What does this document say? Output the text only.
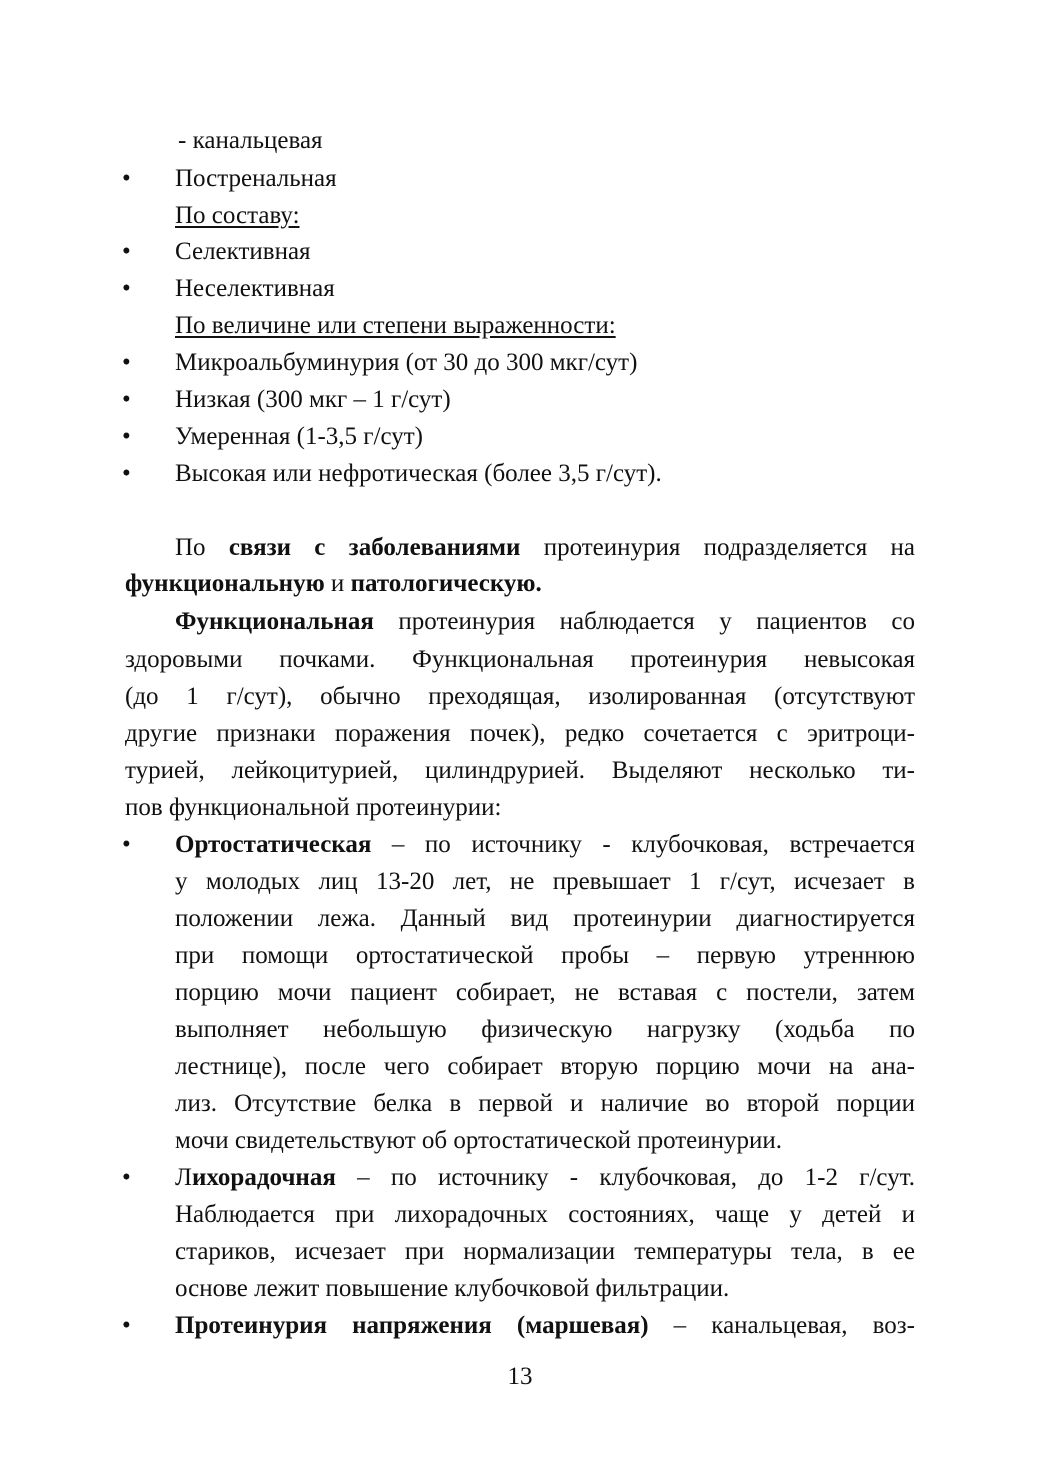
- канальцевая
• Постренальная
По составу:
• Селективная
• Неселективная
По величине или степени выраженности:
• Микроальбуминурия (от 30 до 300 мкг/сут)
• Низкая (300 мкг – 1 г/сут)
• Умеренная (1-3,5 г/сут)
• Высокая или нефротическая (более 3,5 г/сут).
По связи с заболеваниями протеинурия подразделяется на
функциональную и патологическую.
Функциональная протеинурия наблюдается у пациентов со
здоровыми почками. Функциональная протеинурия невысокая
(до 1 г/сут), обычно преходящая, изолированная (отсутствуют
другие признаки поражения почек), редко сочетается с эритроци-
турией, лейкоцитурией, цилиндрурией. Выделяют несколько ти-
пов функциональной протеинурии:
• Ортостатическая – по источнику - клубочковая, встречается
у молодых лиц 13-20 лет, не превышает 1 г/сут, исчезает в
положении лежа. Данный вид протеинурии диагностируется
при помощи ортостатической пробы – первую утреннюю
порцию мочи пациент собирает, не вставая с постели, затем
выполняет небольшую физическую нагрузку (ходьба по
лестнице), после чего собирает вторую порцию мочи на ана-
лиз. Отсутствие белка в первой и наличие во второй порции
мочи свидетельствуют об ортостатической протеинурии.
• Лихорадочная – по источнику - клубочковая, до 1-2 г/сут.
Наблюдается при лихорадочных состояниях, чаще у детей и
стариков, исчезает при нормализации температуры тела, в ее
основе лежит повышение клубочковой фильтрации.
• Протеинурия напряжения (маршевая) – канальцевая, воз-
13
